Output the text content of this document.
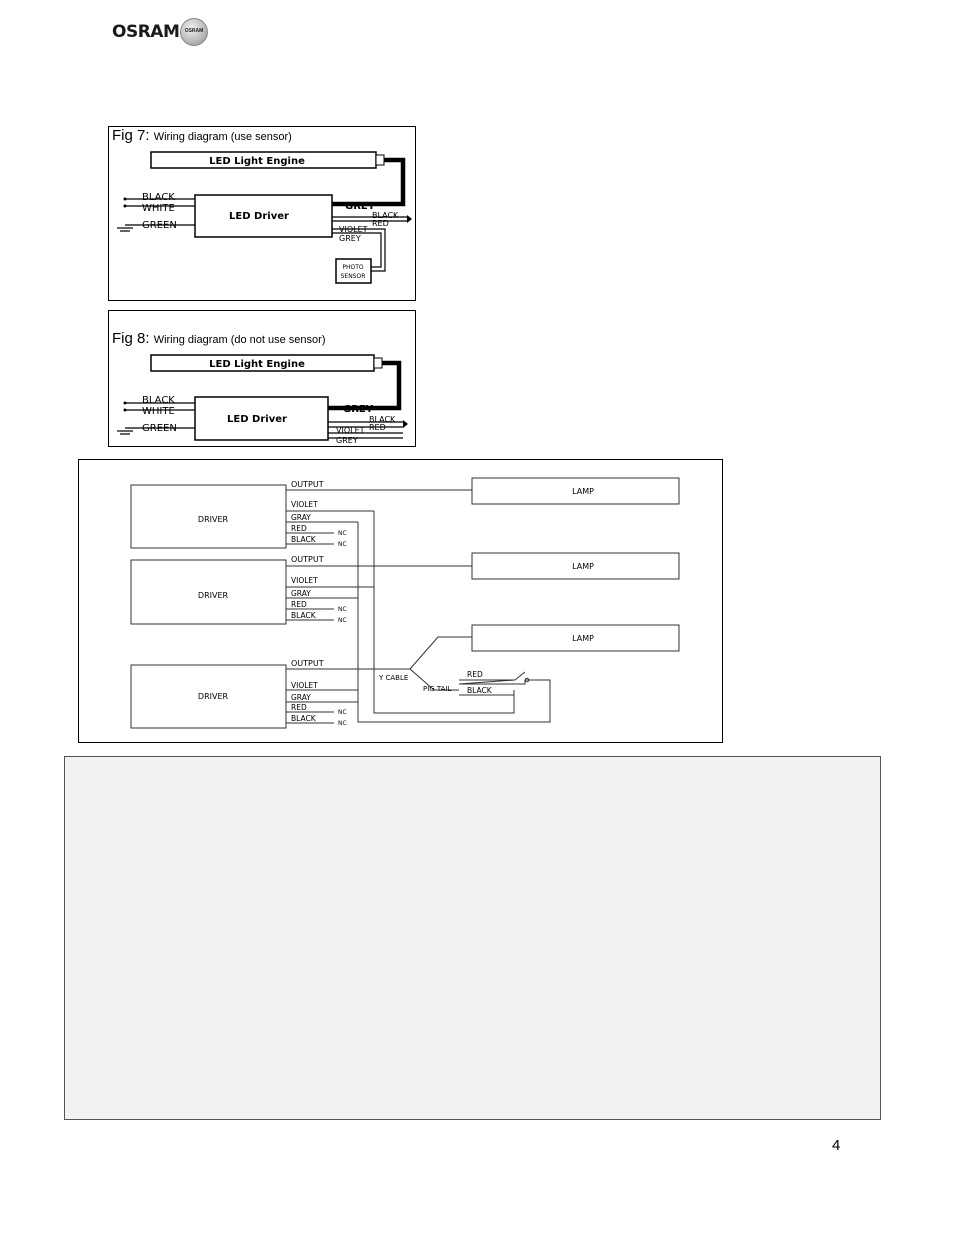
OSRAM	OSRAM
Fig 7: Wiring diagram (use sensor)
LED Light Engine
LED Driver
BLACK
WHITE
GREEN
GREY
BLACK
RED
VIOLET
GREY
PHOTO
SENSOR
Fig 8: Wiring diagram (do not use sensor)
LED Light Engine
LED Driver
BLACK
WHITE
GREEN
GREY
BLACK
RED
VIOLET
GREY
DRIVER
OUTPUT
VIOLET
GRAY
RED
NC
BLACK
NC
DRIVER
OUTPUT
VIOLET
GRAY
RED
NC
BLACK
NC
DRIVER
OUTPUT
VIOLET
GRAY
RED
NC
BLACK
NC
LAMP
LAMP
LAMP
Y CABLE
PIG TAIL
RED
BLACK
4
